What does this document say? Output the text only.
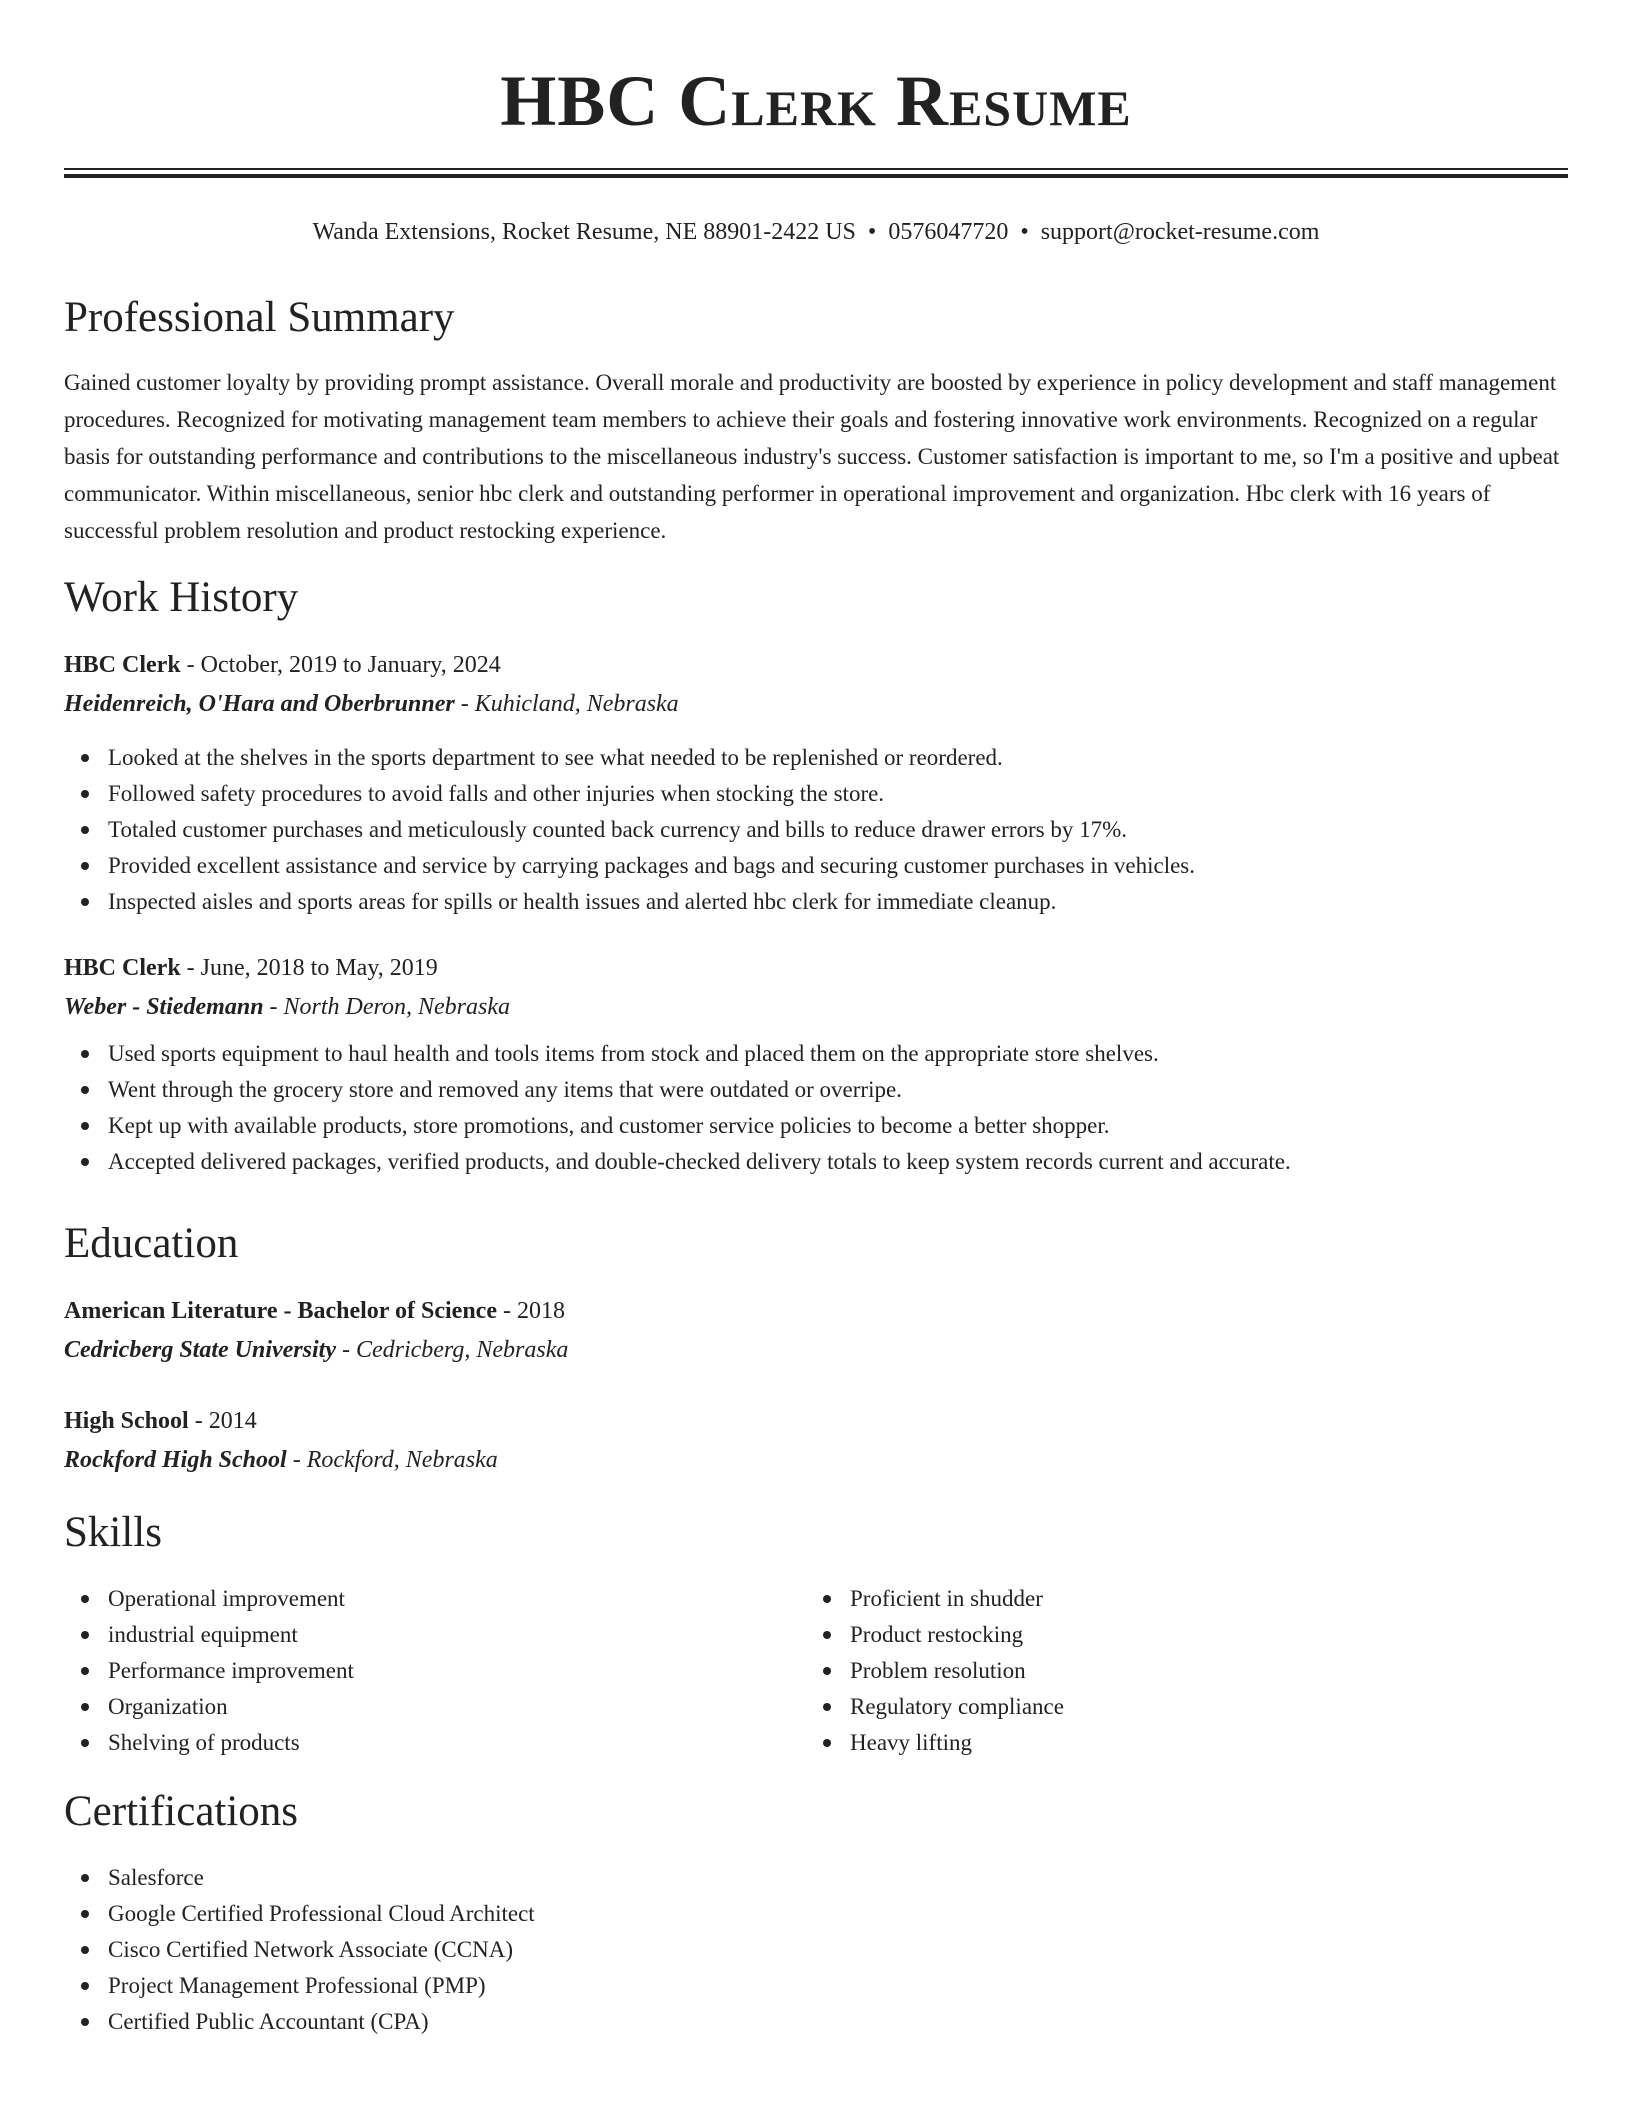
HBC Clerk Resume
Wanda Extensions, Rocket Resume, NE 88901-2422 US • 0576047720 • support@rocket-resume.com
Professional Summary

Gained customer loyalty by providing prompt assistance. Overall morale and productivity are boosted by experience in policy development and staff management procedures. Recognized for motivating management team members to achieve their goals and fostering innovative work environments. Recognized on a regular basis for outstanding performance and contributions to the miscellaneous industry's success. Customer satisfaction is important to me, so I'm a positive and upbeat communicator. Within miscellaneous, senior hbc clerk and outstanding performer in operational improvement and organization. Hbc clerk with 16 years of successful problem resolution and product restocking experience.

Work History
HBC Clerk - October, 2019 to January, 2024
Heidenreich, O'Hara and Oberbrunner - Kuhicland, Nebraska
Looked at the shelves in the sports department to see what needed to be replenished or reordered.
Followed safety procedures to avoid falls and other injuries when stocking the store.
Totaled customer purchases and meticulously counted back currency and bills to reduce drawer errors by 17%.
Provided excellent assistance and service by carrying packages and bags and securing customer purchases in vehicles.
Inspected aisles and sports areas for spills or health issues and alerted hbc clerk for immediate cleanup.
HBC Clerk - June, 2018 to May, 2019
Weber - Stiedemann - North Deron, Nebraska
Used sports equipment to haul health and tools items from stock and placed them on the appropriate store shelves.
Went through the grocery store and removed any items that were outdated or overripe.
Kept up with available products, store promotions, and customer service policies to become a better shopper.
Accepted delivered packages, verified products, and double-checked delivery totals to keep system records current and accurate.
Education
American Literature - Bachelor of Science - 2018
Cedricberg State University - Cedricberg, Nebraska
High School - 2014
Rockford High School - Rockford, Nebraska
Skills
Operational improvement
industrial equipment
Performance improvement
Organization
Shelving of products
Proficient in shudder
Product restocking
Problem resolution
Regulatory compliance
Heavy lifting
Certifications
Salesforce
Google Certified Professional Cloud Architect
Cisco Certified Network Associate (CCNA)
Project Management Professional (PMP)
Certified Public Accountant (CPA)
